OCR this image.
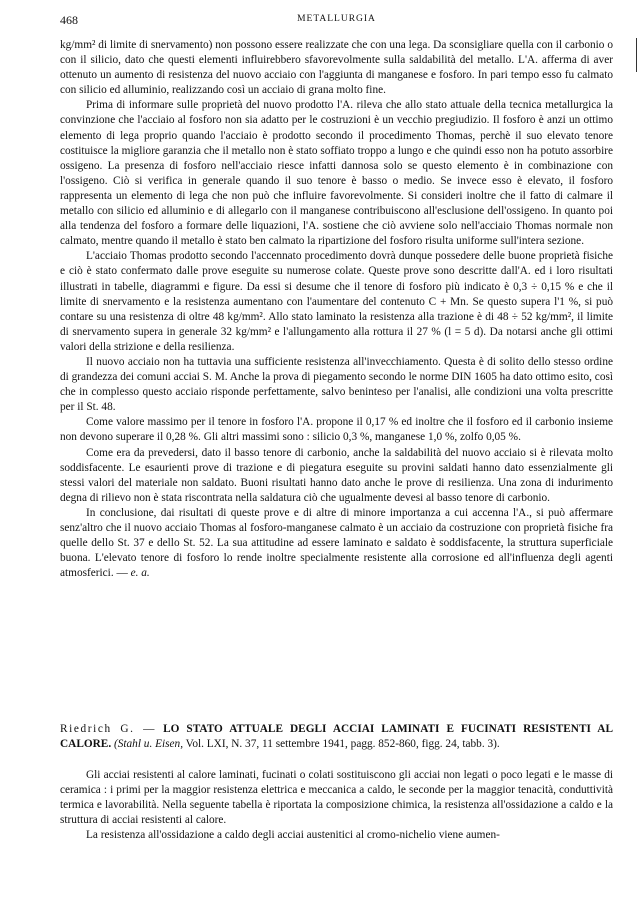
468	METALLURGIA

kg/mm² di limite di snervamento) non possono essere realizzate che con una lega. Da sconsigliare quella con il carbonio o con il silicio, dato che questi elementi influirebbero sfavorevolmente sulla saldabilità del metallo. L'A. afferma di aver ottenuto un aumento di resistenza del nuovo acciaio con l'aggiunta di manganese e fosforo. In pari tempo esso fu calmato con silicio ed alluminio, realizzando così un acciaio di grana molto fine.

Prima di informare sulle proprietà del nuovo prodotto l'A. rileva che allo stato attuale della tecnica metallurgica la convinzione che l'acciaio al fosforo non sia adatto per le costruzioni è un vecchio pregiudizio. Il fosforo è anzi un ottimo elemento di lega proprio quando l'acciaio è prodotto secondo il procedimento Thomas, perchè il suo elevato tenore costituisce la migliore garanzia che il metallo non è stato soffiato troppo a lungo e che quindi esso non ha potuto assorbire ossigeno. La presenza di fosforo nell'acciaio riesce infatti dannosa solo se questo elemento è in combinazione con l'ossigeno. Ciò si verifica in generale quando il suo tenore è basso o medio. Se invece esso è elevato, il fosforo rappresenta un elemento di lega che non può che influire favorevolmente. Si consideri inoltre che il fatto di calmare il metallo con silicio ed alluminio e di allegarlo con il manganese contribuiscono all'esclusione dell'ossigeno. In quanto poi alla tendenza del fosforo a formare delle liquazioni, l'A. sostiene che ciò avviene solo nell'acciaio Thomas normale non calmato, mentre quando il metallo è stato ben calmato la ripartizione del fosforo risulta uniforme sull'intera sezione.

L'acciaio Thomas prodotto secondo l'accennato procedimento dovrà dunque possedere delle buone proprietà fisiche e ciò è stato confermato dalle prove eseguite su numerose colate. Queste prove sono descritte dall'A. ed i loro risultati illustrati in tabelle, diagrammi e figure. Da essi si desume che il tenore di fosforo più indicato è 0,3 ÷ 0,15 % e che il limite di snervamento e la resistenza aumentano con l'aumentare del contenuto C + Mn. Se questo supera l'1 %, si può contare su una resistenza di oltre 48 kg/mm². Allo stato laminato la resistenza alla trazione è di 48 ÷ 52 kg/mm², il limite di snervamento supera in generale 32 kg/mm² e l'allungamento alla rottura il 27 % (l = 5 d). Da notarsi anche gli ottimi valori della strizione e della resilienza.

Il nuovo acciaio non ha tuttavia una sufficiente resistenza all'invecchiamento. Questa è di solito dello stesso ordine di grandezza dei comuni acciai S. M. Anche la prova di piegamento secondo le norme DIN 1605 ha dato ottimo esito, così che in complesso questo acciaio risponde perfettamente, salvo beninteso per l'analisi, alle condizioni una volta prescritte per il St. 48.

Come valore massimo per il tenore in fosforo l'A. propone il 0,17 % ed inoltre che il fosforo ed il carbonio insieme non devono superare il 0,28 %. Gli altri massimi sono : silicio 0,3 %, manganese 1,0 %, zolfo 0,05 %.

Come era da prevedersi, dato il basso tenore di carbonio, anche la saldabilità del nuovo acciaio si è rilevata molto soddisfacente. Le esaurienti prove di trazione e di piegatura eseguite su provini saldati hanno dato essenzialmente gli stessi valori del materiale non saldato. Buoni risultati hanno dato anche le prove di resilienza. Una zona di indurimento degna di rilievo non è stata riscontrata nella saldatura ciò che ugualmente devesi al basso tenore di carbonio.

In conclusione, dai risultati di queste prove e di altre di minore importanza a cui accenna l'A., si può affermare senz'altro che il nuovo acciaio Thomas al fosforo-manganese calmato è un acciaio da costruzione con proprietà fisiche fra quelle dello St. 37 e dello St. 52. La sua attitudine ad essere laminato e saldato è soddisfacente, la struttura superficiale buona. L'elevato tenore di fosforo lo rende inoltre specialmente resistente alla corrosione ed all'influenza degli agenti atmosferici. — e. a.

Riedrich G. — LO STATO ATTUALE DEGLI ACCIAI LAMINATI E FUCINATI RESISTENTI AL CALORE. (Stahl u. Eisen, Vol. LXI, N. 37, 11 settembre 1941, pagg. 852-860, figg. 24, tabb. 3).

Gli acciai resistenti al calore laminati, fucinati o colati sostituiscono gli acciai non legati o poco legati e le masse di ceramica : i primi per la maggior resistenza elettrica e meccanica a caldo, le seconde per la maggior tenacità, conduttività termica e lavorabilità. Nella seguente tabella è riportata la composizione chimica, la resistenza all'ossidazione a caldo e la struttura di acciai resistenti al calore.

La resistenza all'ossidazione a caldo degli acciai austenitici al cromo-nichelio viene aumen-
